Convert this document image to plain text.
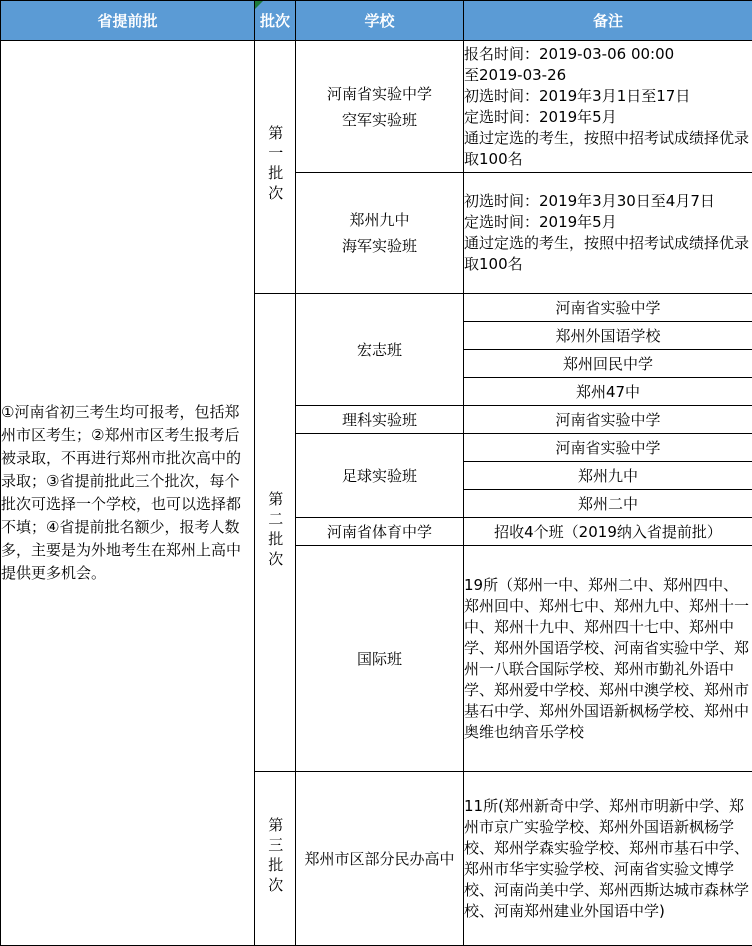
省提前批	批次	学校	备注
①河南省初三考生均可报考，包括郑州市区考生；②郑州市区考生报考后被录取，不再进行郑州市批次高中的录取；③省提前批此三个批次，每个批次可选择一个学校，也可以选择都不填；④省提前批名额少，报考人数多，主要是为外地考生在郑州上高中提供更多机会。	第一批次	河南省实验中学
空军实验班	报名时间：2019-03-06 00:00
至2019-03-26
初选时间：2019年3月1日至17日
定选时间：2019年5月
通过定选的考生，按照中招考试成绩择优录取100名
		郑州九中
海军实验班	初选时间：2019年3月30日至4月7日
定选时间：2019年5月
通过定选的考生，按照中招考试成绩择优录取100名
	第二批次	宏志班	河南省实验中学
			郑州外国语学校
			郑州回民中学
			郑州47中
		理科实验班	河南省实验中学
		足球实验班	河南省实验中学
			郑州九中
			郑州二中
		河南省体育中学	招收4个班（2019纳入省提前批）
		国际班	19所（郑州一中、郑州二中、郑州四中、郑州回中、郑州七中、郑州九中、郑州十一中、郑州十九中、郑州四十七中、郑州中学、郑州外国语学校、河南省实验中学、郑州一八联合国际学校、郑州市勤礼外语中学、郑州爱中学校、郑州中澳学校、郑州市基石中学、郑州外国语新枫杨学校、郑州中奥维也纳音乐学校
	第三批次	郑州市区部分民办高中	11所(郑州新奇中学、郑州市明新中学、郑州市京广实验学校、郑州外国语新枫杨学校、郑州学森实验学校、郑州市基石中学、郑州市华宇实验学校、河南省实验文博学校、河南尚美中学、郑州西斯达城市森林学校、河南郑州建业外国语中学)
